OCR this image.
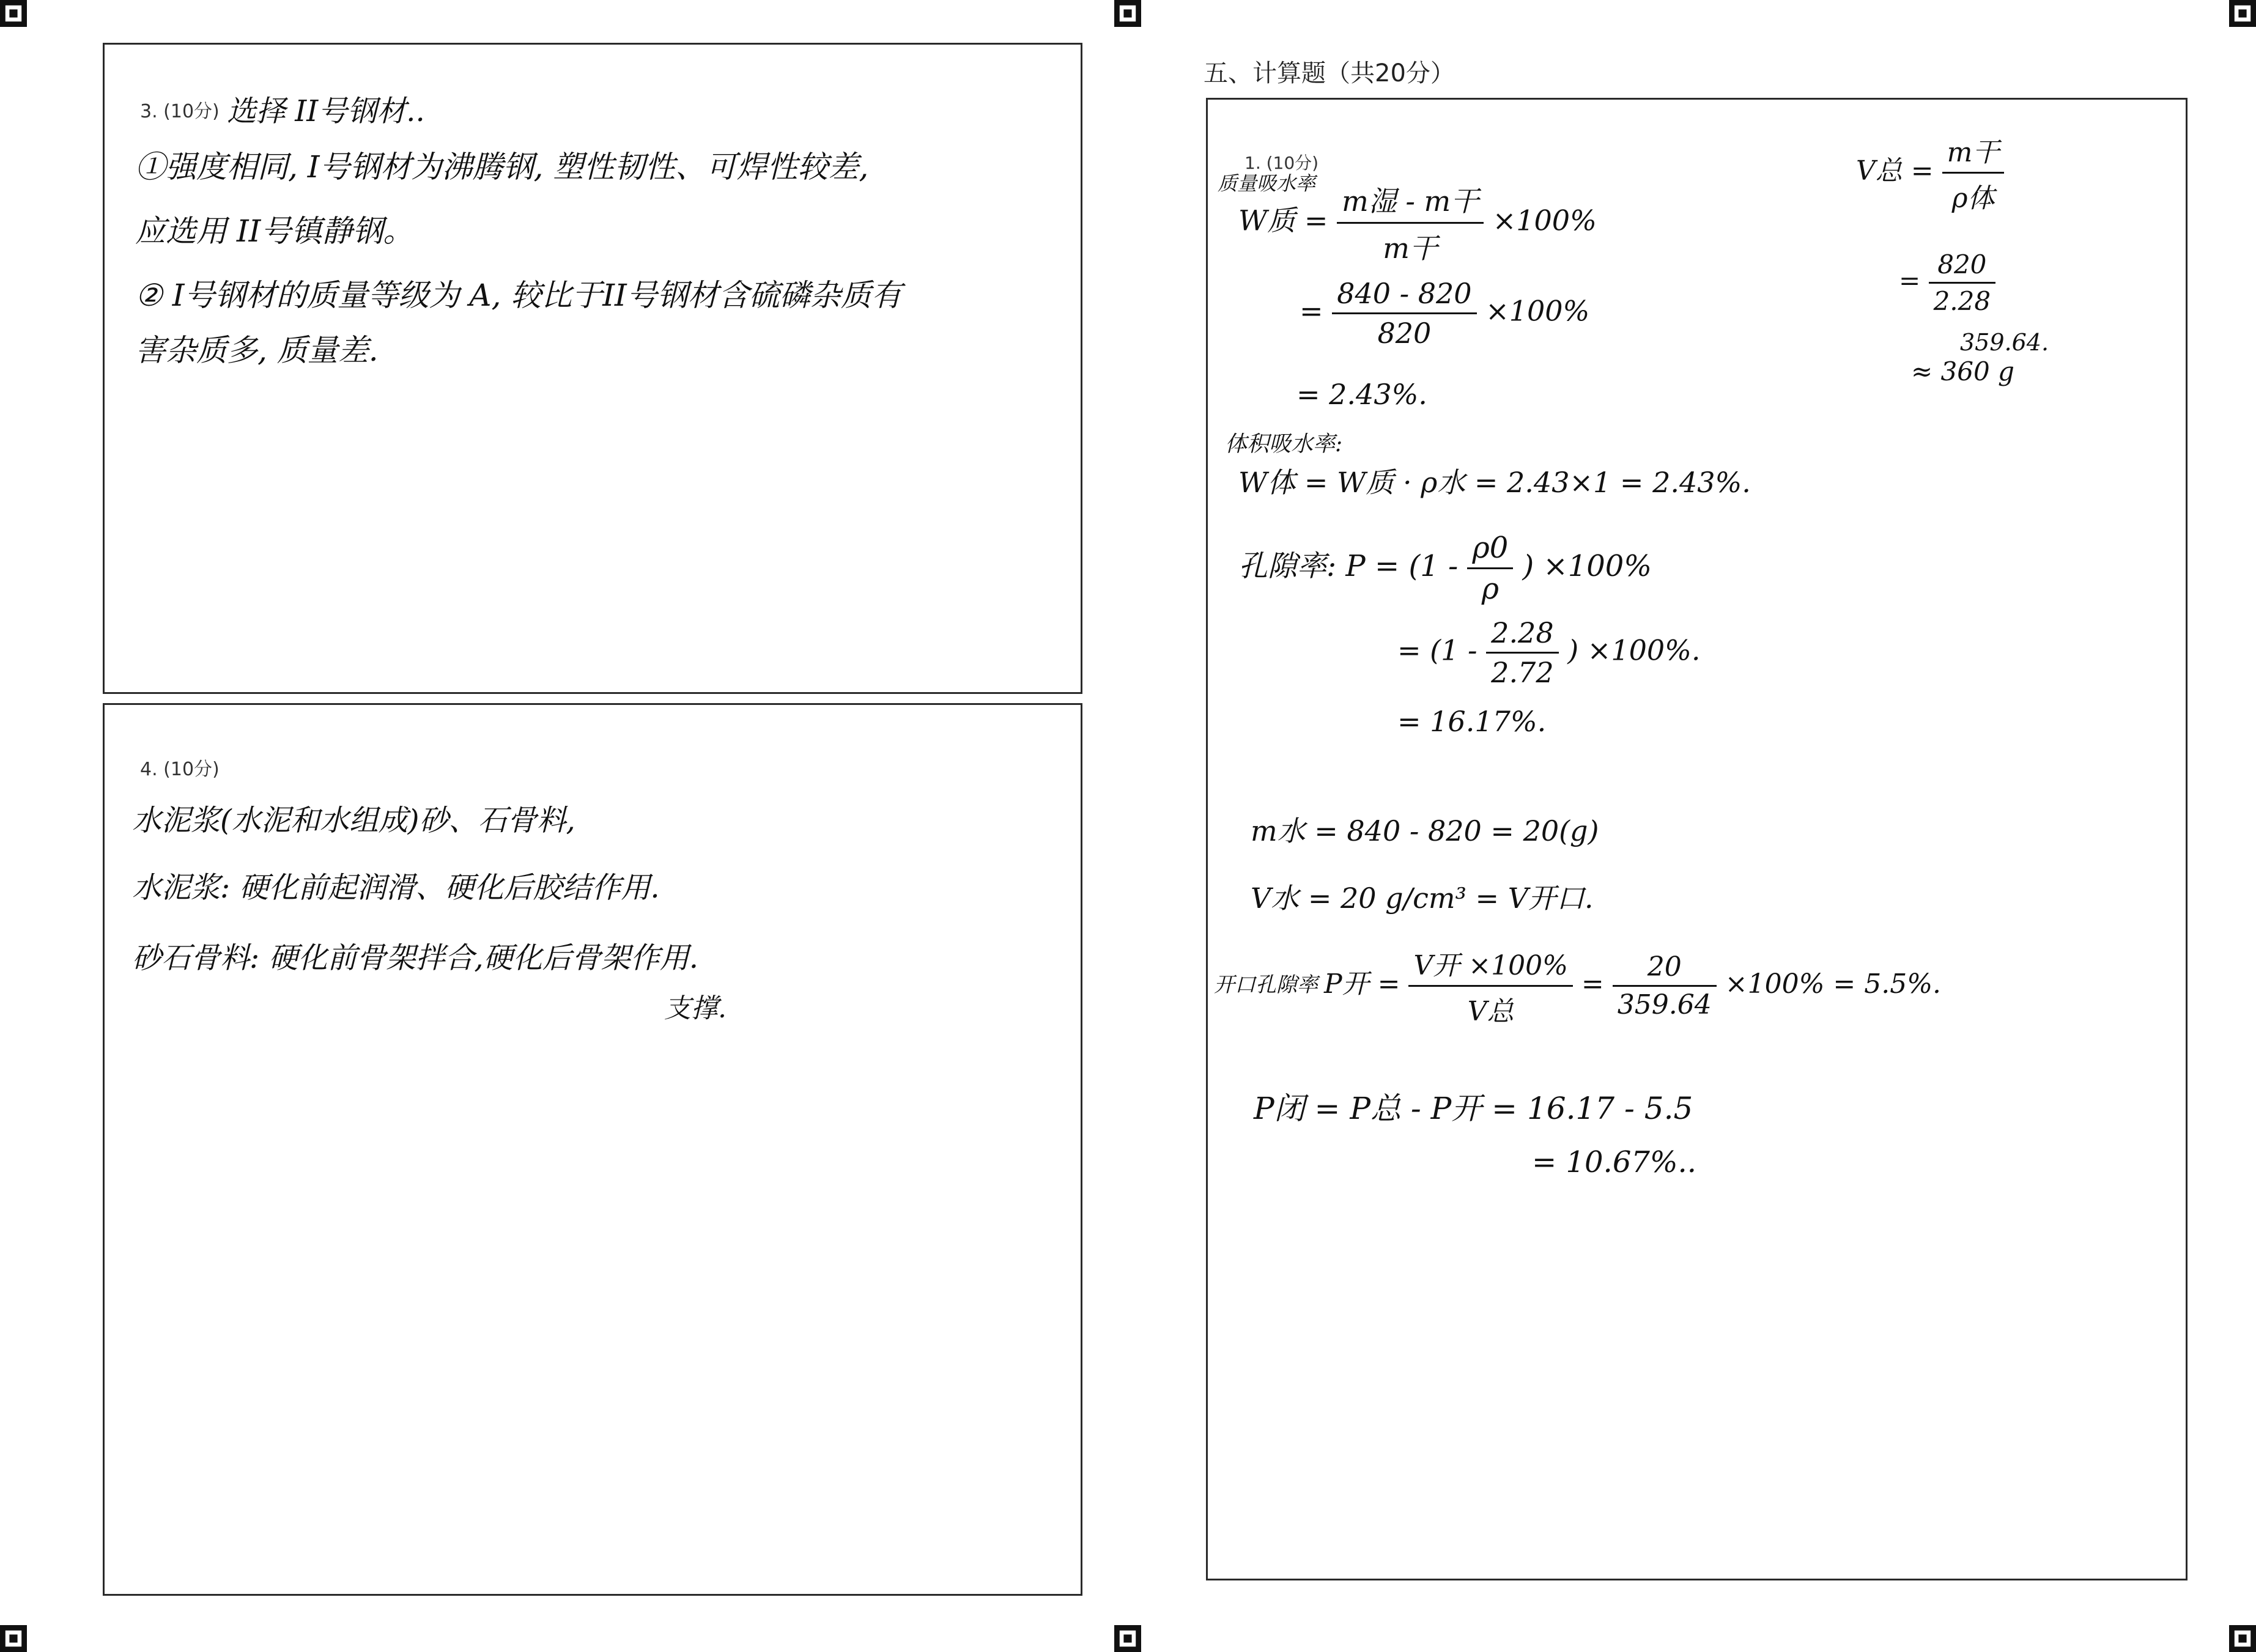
3. (10分) 选择 II号钢材..
①强度相同, I号钢材为沸腾钢, 塑性韧性、可焊性较差,
应选用 II号镇静钢。
② I号钢材的质量等级为 A, 较比于II号钢材含硫磷杂质有
害杂质多, 质量差.
4. (10分)
水泥浆(水泥和水组成)砂、石骨料,
水泥浆: 硬化前起润滑、硬化后胶结作用.
砂石骨料: 硬化前骨架拌合,硬化后骨架作用.
支撑.
五、计算题（共20分）
1. (10分)
质量吸水率
W质 = $\frac{\text{m湿 - m干}}{\text{m干}} \times 100\%$
= $\frac{840 - 820}{820} \times 100\%$
= 2.43%.
体积吸水率:
W体 = W质 · ρ水 = 2.43×1 = 2.43%.
孔隙率: $P = (1 - \frac{\rho 0}{\rho}$ ) ×100%
= ($1 - \frac{2.28}{2.72}$ ) ×100%.
= 16.17%.
V总 = $\frac{\text{m干}}{\text{ρ体}}$
= $\frac{820}{2.28}$
359.64.
≈ 360 g
m水 = 840 - 820 = 20(g)
V水 = 20 g/cm³ = V开口.
开口孔隙率 P开 = $\frac{\text{V开 ×100\%}}{\text{V总}} = \frac{20}{359.64} \times 100\% = 5.5\%$.
P闭 = P总 - P开 = 16.17 - 5.5
= 10.67%..
